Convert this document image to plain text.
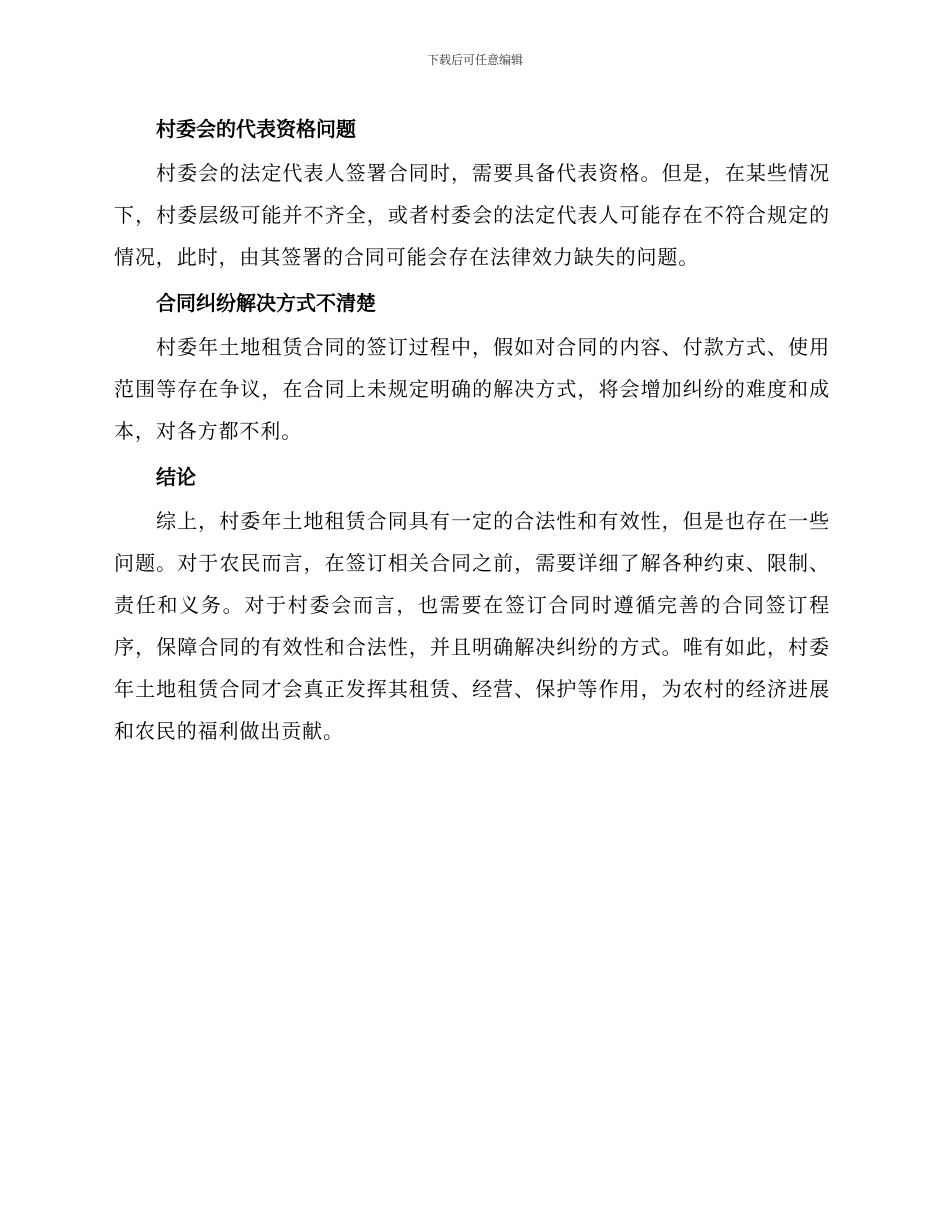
下载后可任意编辑
村委会的代表资格问题

村委会的法定代表人签署合同时，需要具备代表资格。但是，在某些情况下，村委层级可能并不齐全，或者村委会的法定代表人可能存在不符合规定的情况，此时，由其签署的合同可能会存在法律效力缺失的问题。

合同纠纷解决方式不清楚

村委年土地租赁合同的签订过程中，假如对合同的内容、付款方式、使用范围等存在争议，在合同上未规定明确的解决方式，将会增加纠纷的难度和成本，对各方都不利。

结论

综上，村委年土地租赁合同具有一定的合法性和有效性，但是也存在一些问题。对于农民而言，在签订相关合同之前，需要详细了解各种约束、限制、责任和义务。对于村委会而言，也需要在签订合同时遵循完善的合同签订程序，保障合同的有效性和合法性，并且明确解决纠纷的方式。唯有如此，村委年土地租赁合同才会真正发挥其租赁、经营、保护等作用，为农村的经济进展和农民的福利做出贡献。
